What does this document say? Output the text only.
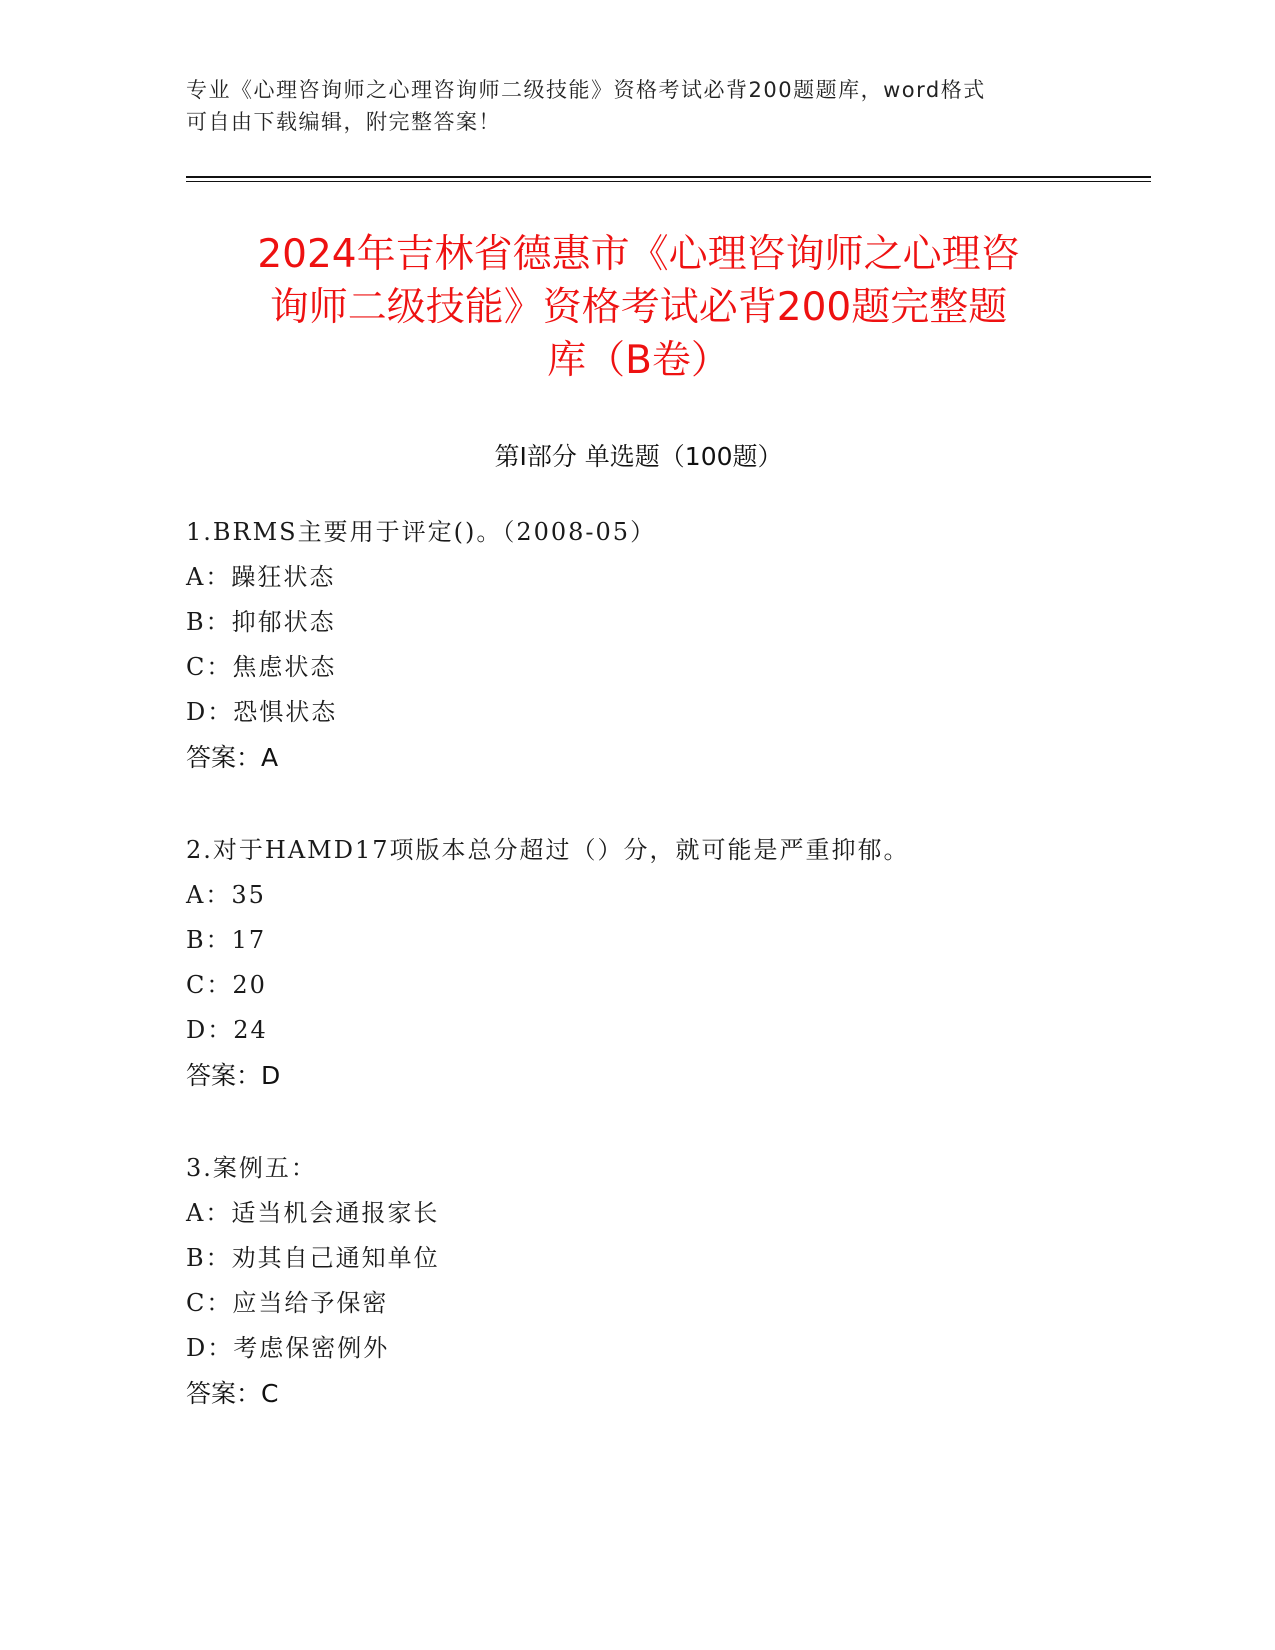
专业《心理咨询师之心理咨询师二级技能》资格考试必背200题题库，word格式
可自由下载编辑，附完整答案！
2024年吉林省德惠市《心理咨询师之心理咨
询师二级技能》资格考试必背200题完整题
库（B卷）
第Ⅰ部分 单选题（100题）
1.BRMS主要用于评定()。（2008-05）
A：躁狂状态
B：抑郁状态
C：焦虑状态
D：恐惧状态
答案：A
2.对于HAMD17项版本总分超过（）分，就可能是严重抑郁。
A：35
B：17
C：20
D：24
答案：D
3.案例五：
A：适当机会通报家长
B：劝其自己通知单位
C：应当给予保密
D：考虑保密例外
答案：C
